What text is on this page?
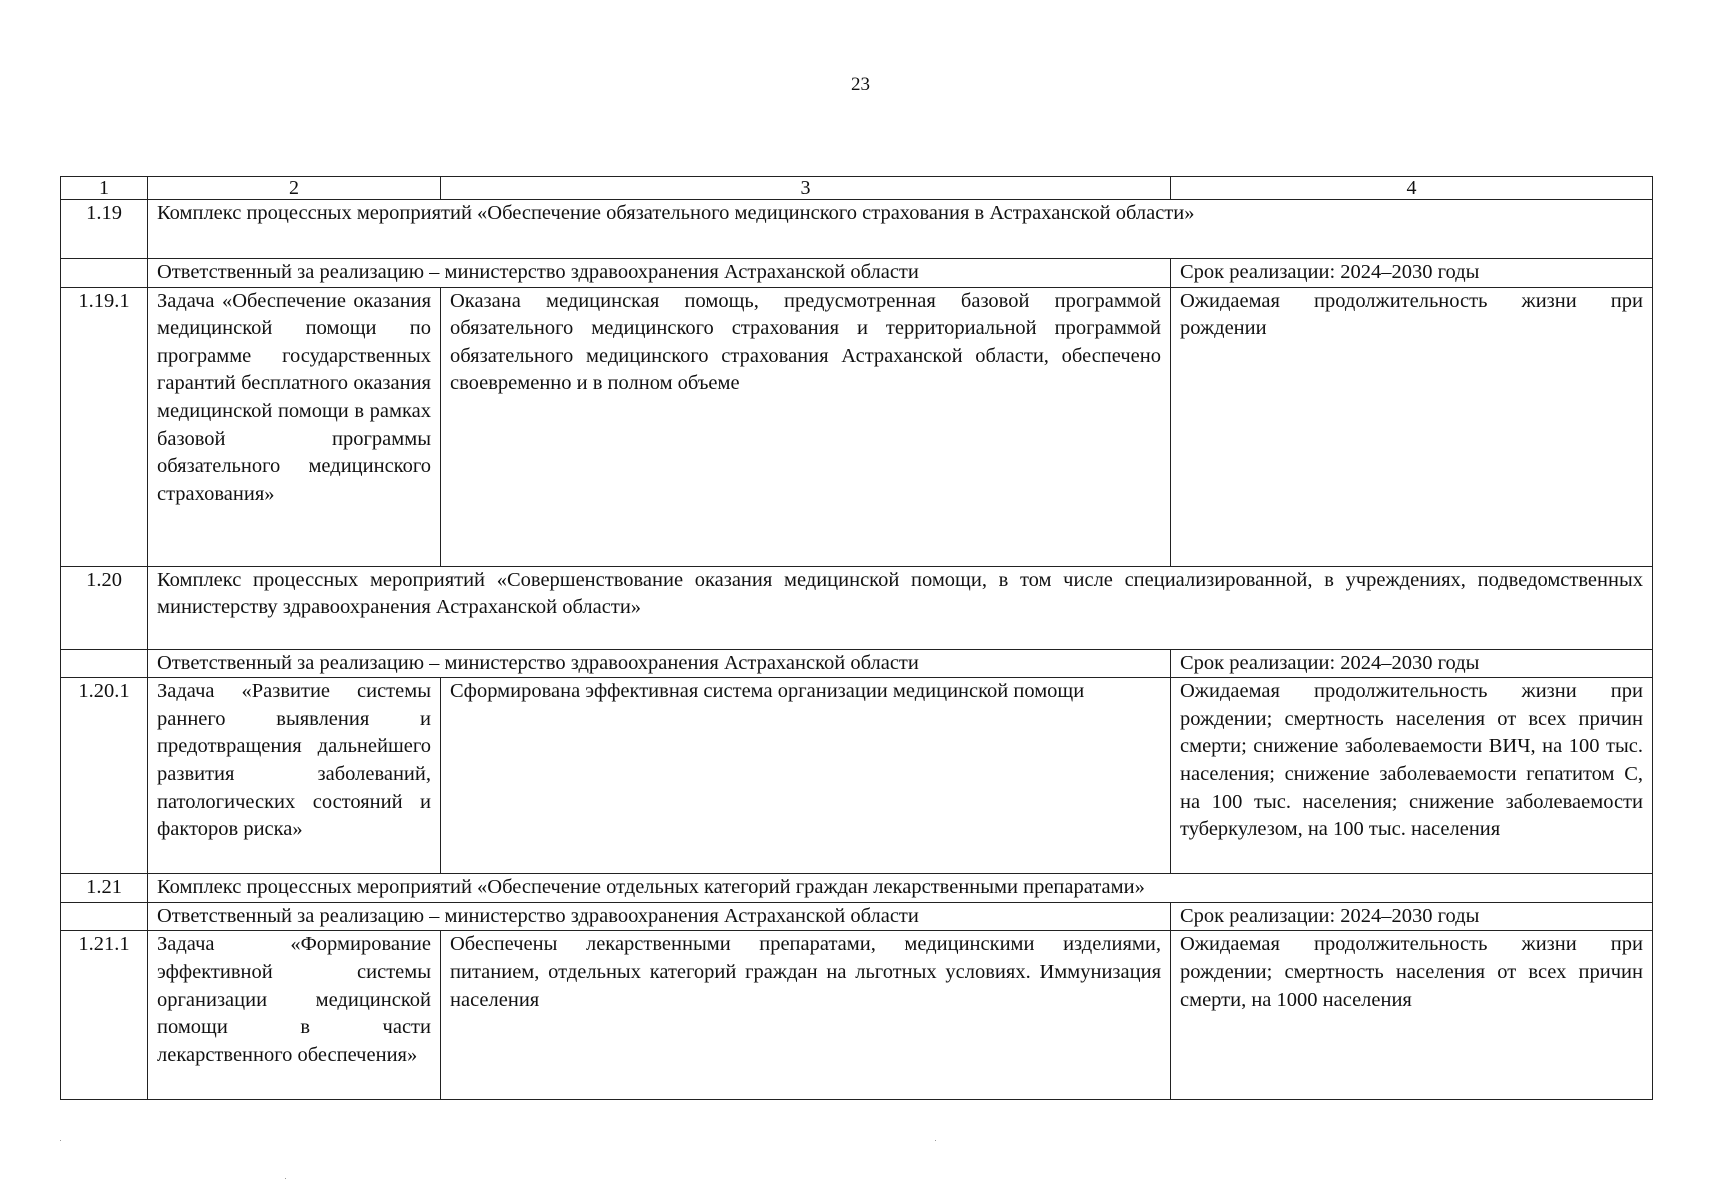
23
1	2	3	4
1.19	Комплекс процессных мероприятий «Обеспечение обязательного медицинского страхования в Астраханской области»		
	Ответственный за реализацию – министерство здравоохранения Астраханской области		Срок реализации: 2024–2030 годы
1.19.1	Задача «Обеспечение оказания медицинской помощи по программе государственных гарантий бесплатного оказания медицинской помощи в рамках базовой программы обязательного медицинского страхования»	Оказана медицинская помощь, предусмотренная базовой программой обязательного медицинского страхования и территориальной программой обязательного медицинского страхования Астраханской области, обеспечено своевременно и в полном объеме	Ожидаемая продолжительность жизни при рождении
1.20	Комплекс процессных мероприятий «Совершенствование оказания медицинской помощи, в том числе специализированной, в учреждениях, подведомственных министерству здравоохранения Астраханской области»		
	Ответственный за реализацию – министерство здравоохранения Астраханской области		Срок реализации: 2024–2030 годы
1.20.1	Задача «Развитие системы раннего выявления и предотвращения дальнейшего развития заболеваний, патологических состояний и факторов риска»	Сформирована эффективная система организации медицинской помощи	Ожидаемая продолжительность жизни при рождении; смертность населения от всех причин смерти; снижение заболеваемости ВИЧ, на 100 тыс. населения; снижение заболеваемости гепатитом С, на 100 тыс. населения; снижение заболеваемости туберкулезом, на 100 тыс. населения
1.21	Комплекс процессных мероприятий «Обеспечение отдельных категорий граждан лекарственными препаратами»		
	Ответственный за реализацию – министерство здравоохранения Астраханской области		Срок реализации: 2024–2030 годы
1.21.1	Задача «Формирование эффективной системы организации медицинской помощи в части лекарственного обеспечения»	Обеспечены лекарственными препаратами, медицинскими изделиями, питанием, отдельных категорий граждан на льготных условиях. Иммунизация населения	Ожидаемая продолжительность жизни при рождении; смертность населения от всех причин смерти, на 1000 населения
